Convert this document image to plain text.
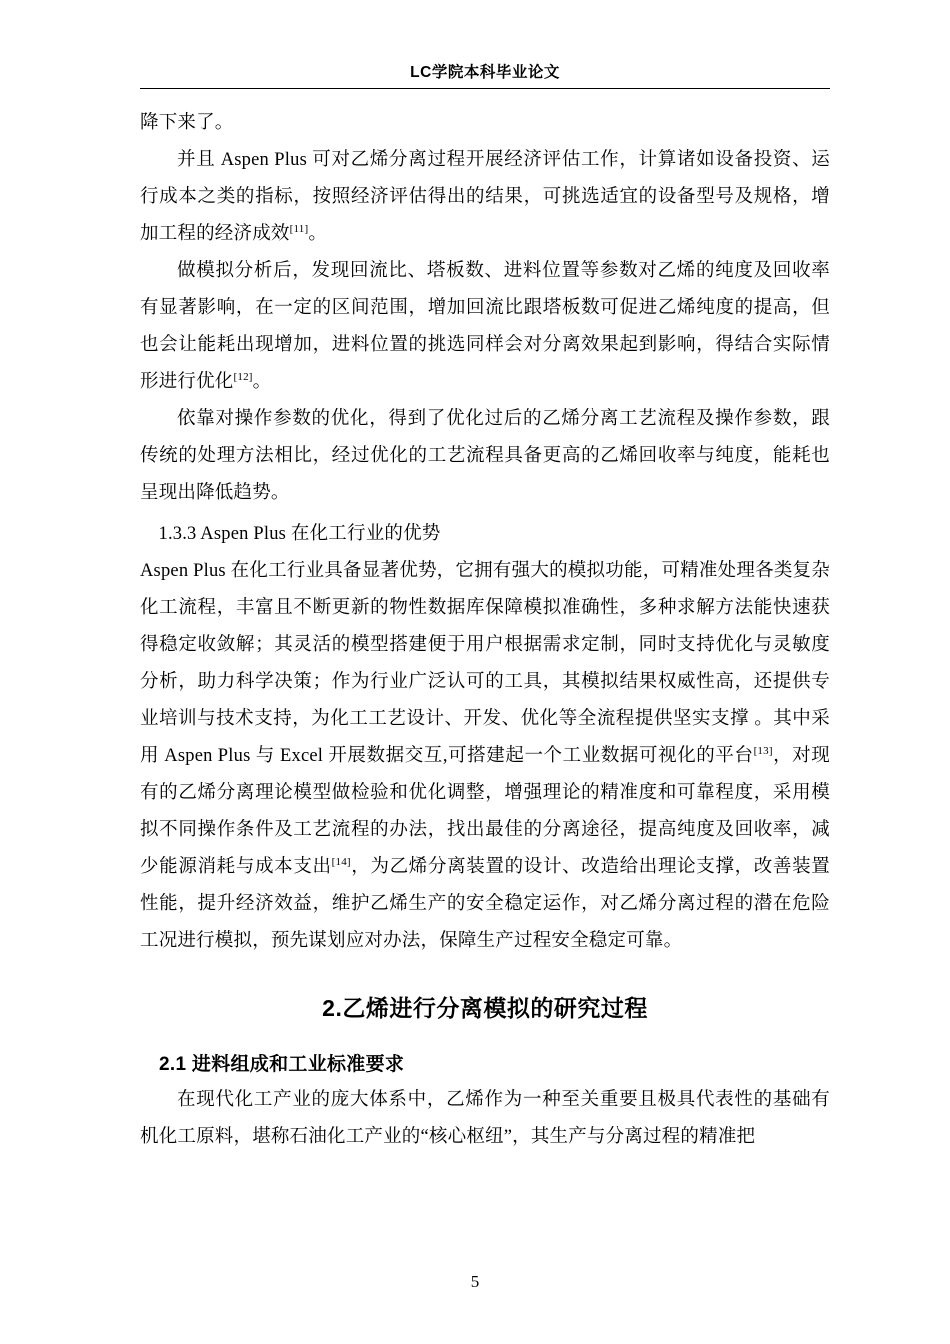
LC学院本科毕业论文

降下来了。

并且 Aspen Plus 可对乙烯分离过程开展经济评估工作，计算诸如设备投资、运行成本之类的指标，按照经济评估得出的结果，可挑选适宜的设备型号及规格，增加工程的经济成效[11]。

做模拟分析后，发现回流比、塔板数、进料位置等参数对乙烯的纯度及回收率有显著影响，在一定的区间范围，增加回流比跟塔板数可促进乙烯纯度的提高，但也会让能耗出现增加，进料位置的挑选同样会对分离效果起到影响，得结合实际情形进行优化[12]。

依靠对操作参数的优化，得到了优化过后的乙烯分离工艺流程及操作参数，跟传统的处理方法相比，经过优化的工艺流程具备更高的乙烯回收率与纯度，能耗也呈现出降低趋势。

1.3.3 Aspen Plus 在化工行业的优势

Aspen Plus 在化工行业具备显著优势，它拥有强大的模拟功能，可精准处理各类复杂化工流程，丰富且不断更新的物性数据库保障模拟准确性，多种求解方法能快速获得稳定收敛解；其灵活的模型搭建便于用户根据需求定制，同时支持优化与灵敏度分析，助力科学决策；作为行业广泛认可的工具，其模拟结果权威性高，还提供专业培训与技术支持，为化工工艺设计、开发、优化等全流程提供坚实支撑 。其中采用 Aspen Plus 与 Excel 开展数据交互,可搭建起一个工业数据可视化的平台[13]，对现有的乙烯分离理论模型做检验和优化调整，增强理论的精准度和可靠程度，采用模拟不同操作条件及工艺流程的办法，找出最佳的分离途径，提高纯度及回收率，减少能源消耗与成本支出[14]，为乙烯分离装置的设计、改造给出理论支撑，改善装置性能，提升经济效益，维护乙烯生产的安全稳定运作，对乙烯分离过程的潜在危险工况进行模拟，预先谋划应对办法，保障生产过程安全稳定可靠。

2.乙烯进行分离模拟的研究过程
2.1 进料组成和工业标准要求

在现代化工产业的庞大体系中，乙烯作为一种至关重要且极具代表性的基础有机化工原料，堪称石油化工产业的“核心枢纽”，其生产与分离过程的精准把

5
